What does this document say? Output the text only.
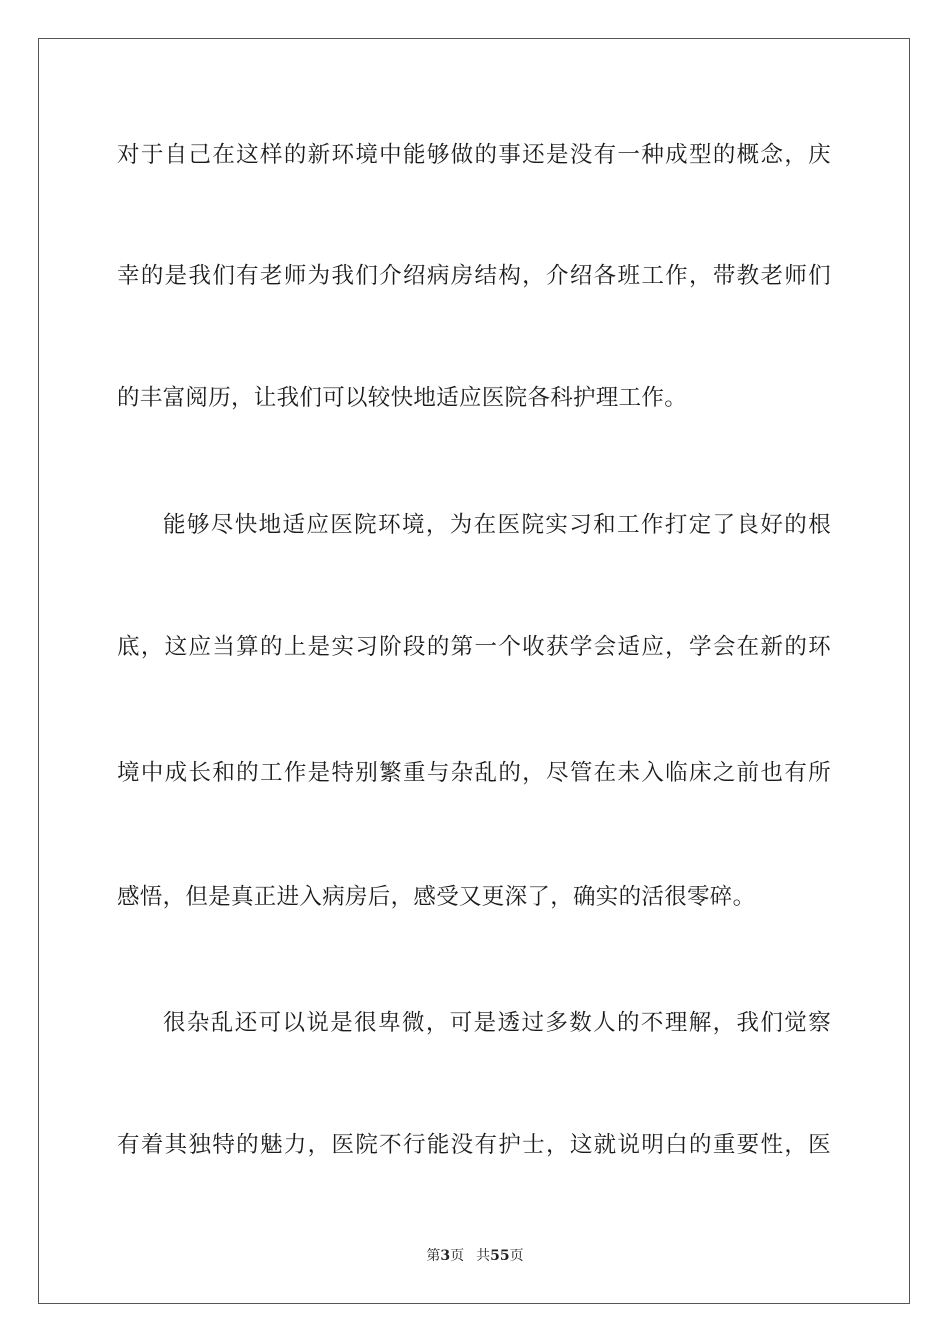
对于自己在这样的新环境中能够做的事还是没有一种成型的概念，庆
幸的是我们有老师为我们介绍病房结构，介绍各班工作，带教老师们
的丰富阅历，让我们可以较快地适应医院各科护理工作。
能够尽快地适应医院环境，为在医院实习和工作打定了良好的根
底，这应当算的上是实习阶段的第一个收获学会适应，学会在新的环
境中成长和的工作是特别繁重与杂乱的，尽管在未入临床之前也有所
感悟，但是真正进入病房后，感受又更深了，确实的活很零碎。
很杂乱还可以说是很卑微，可是透过多数人的不理解，我们觉察
有着其独特的魅力，医院不行能没有护士，这就说明白的重要性，医
第3页 共55页
